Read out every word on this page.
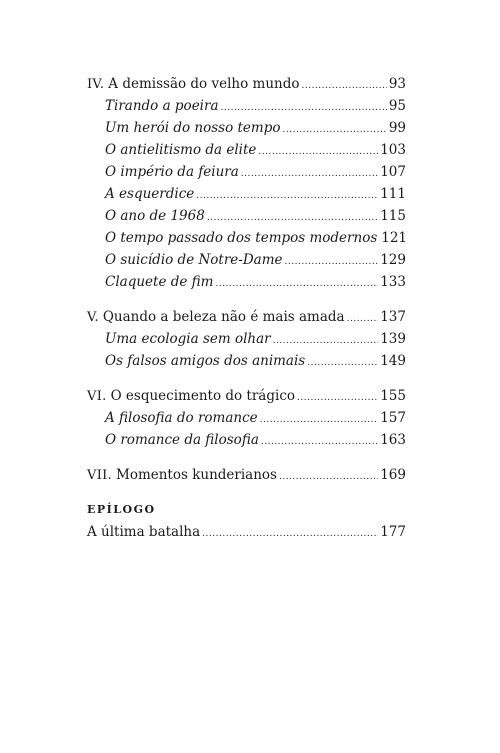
IV. A demissão do velho mundo .....	93
Tirando a poeira .....	95
Um herói do nosso tempo .....	99
O antielitismo da elite .....	103
O império da feiura .....	107
A esquerdice .....	111
O ano de 1968 .....	115
O tempo passado dos tempos modernos 121
O suicídio de Notre-Dame .....	129
Claquete de fim .....	133
V. Quando a beleza não é mais amada .....	137
Uma ecologia sem olhar .....	139
Os falsos amigos dos animais .....	149
VI. O esquecimento do trágico .....	155
A filosofia do romance .....	157
O romance da filosofia .....	163
VII. Momentos kunderianos .....	169
EPÍLOGO
A última batalha .....	177
